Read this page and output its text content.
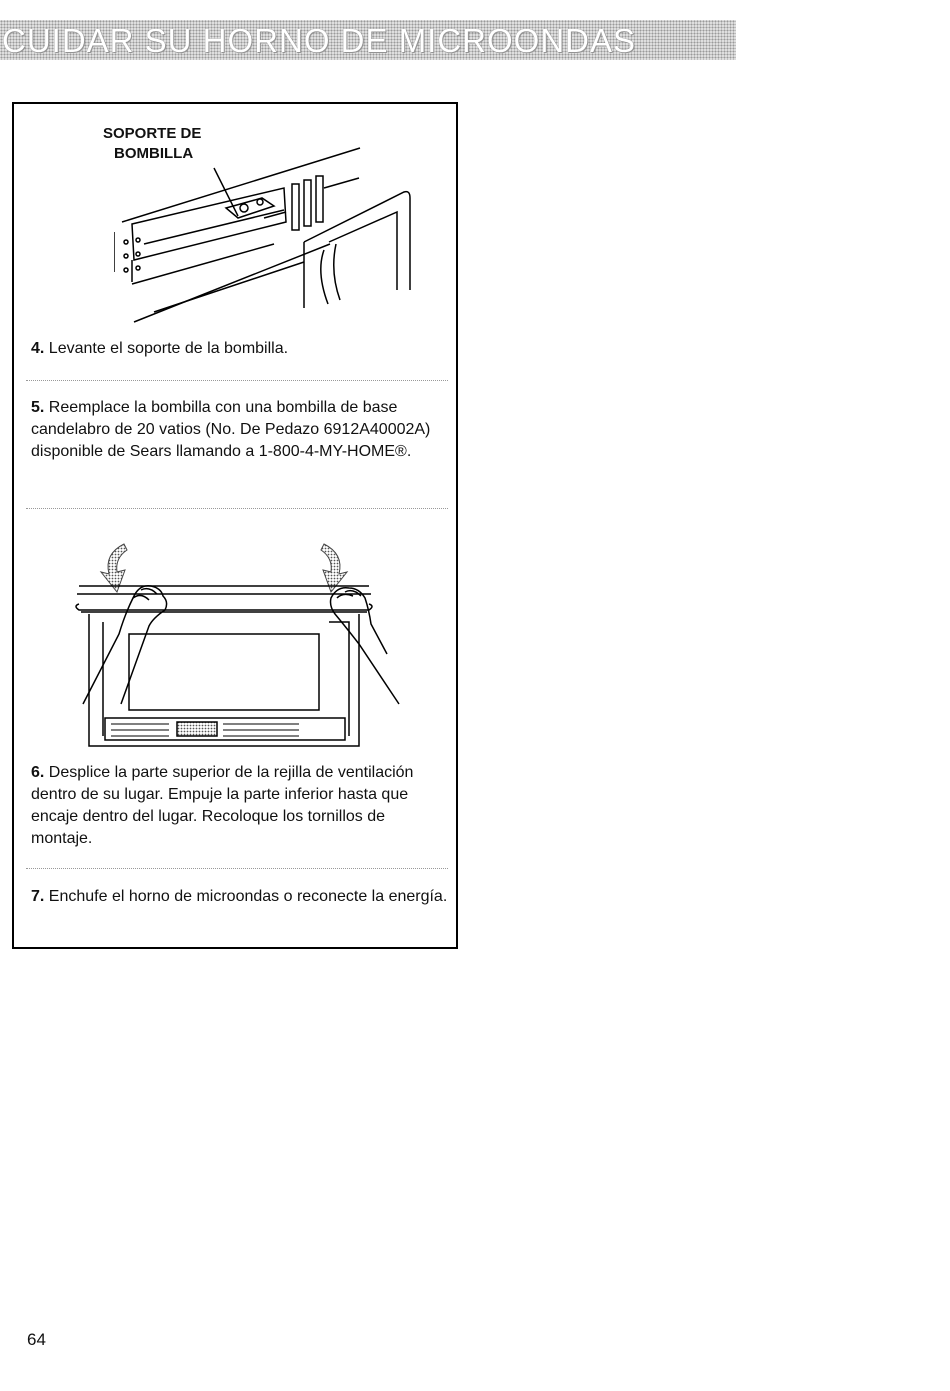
CUIDAR SU HORNO DE MICROONDAS
SOPORTE DE
BOMBILLA
4. Levante el soporte de la bombilla.
5. Reemplace la bombilla con una bombilla de base candelabro de 20 vatios (No. De Pedazo 6912A40002A) disponible de Sears llamando a 1-800-4-MY-HOME®.
6. Desplice la parte superior de la rejilla de ventilación dentro de su lugar. Empuje la parte inferior hasta que encaje dentro del lugar. Recoloque los tornillos de montaje.
7. Enchufe el horno de microondas o reconecte la energía.
64
